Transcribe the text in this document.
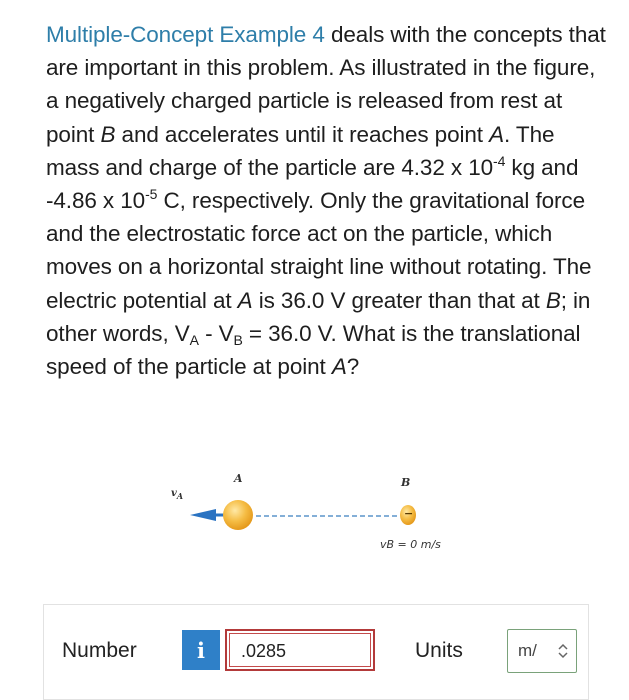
Multiple-Concept Example 4 deals with the concepts that are important in this problem. As illustrated in the figure, a negatively charged particle is released from rest at point B and accelerates until it reaches point A. The mass and charge of the particle are 4.32 x $10^{-4}$ kg and -4.86 x $10^{-5}$ C, respectively. Only the gravitational force and the electrostatic force act on the particle, which moves on a horizontal straight line without rotating. The electric potential at A is 36.0 V greater than that at B; in other words, $V_A - V_B = 36.0$ V. What is the translational speed of the particle at point A?
A	B
$v_A$
−
vB = 0 m/s
Number	i	.0285	Units	m/
